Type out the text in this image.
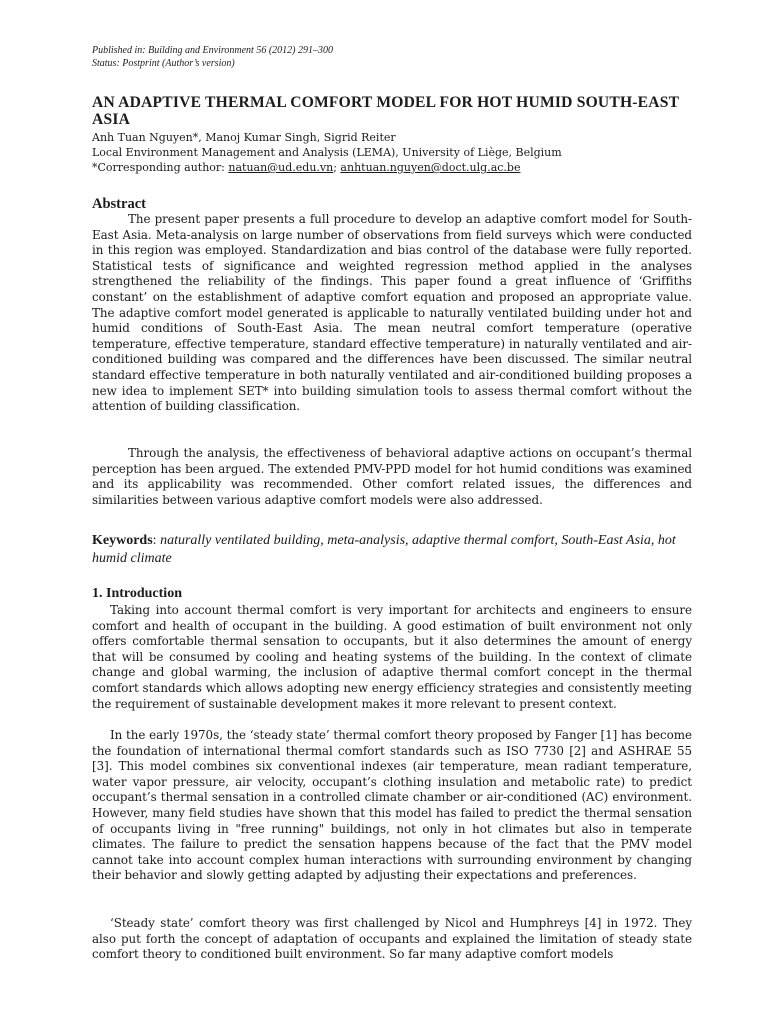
Published in: Building and Environment 56 (2012) 291–300
Status: Postprint (Author’s version)
AN ADAPTIVE THERMAL COMFORT MODEL FOR HOT HUMID SOUTH-EAST ASIA
Anh Tuan Nguyen*, Manoj Kumar Singh, Sigrid Reiter
Local Environment Management and Analysis (LEMA), University of Liège, Belgium
*Corresponding author: natuan@ud.edu.vn; anhtuan.nguyen@doct.ulg.ac.be
Abstract

The present paper presents a full procedure to develop an adaptive comfort model for South-East Asia. Meta-analysis on large number of observations from field surveys which were conducted in this region was employed. Standardization and bias control of the database were fully reported. Statistical tests of significance and weighted regression method applied in the analyses strengthened the reliability of the findings. This paper found a great influence of ‘Griffiths constant’ on the establishment of adaptive comfort equation and proposed an appropriate value. The adaptive comfort model generated is applicable to naturally ventilated building under hot and humid conditions of South-East Asia. The mean neutral comfort temperature (operative temperature, effective temperature, standard effective temperature) in naturally ventilated and air-conditioned building was compared and the differences have been discussed. The similar neutral standard effective temperature in both naturally ventilated and air-conditioned building proposes a new idea to implement SET* into building simulation tools to assess thermal comfort without the attention of building classification.

Through the analysis, the effectiveness of behavioral adaptive actions on occupant’s thermal perception has been argued. The extended PMV-PPD model for hot humid conditions was examined and its applicability was recommended. Other comfort related issues, the differences and similarities between various adaptive comfort models were also addressed.

Keywords: naturally ventilated building, meta-analysis, adaptive thermal comfort, South-East Asia, hot humid climate
1. Introduction

Taking into account thermal comfort is very important for architects and engineers to ensure comfort and health of occupant in the building. A good estimation of built environment not only offers comfortable thermal sensation to occupants, but it also determines the amount of energy that will be consumed by cooling and heating systems of the building. In the context of climate change and global warming, the inclusion of adaptive thermal comfort concept in the thermal comfort standards which allows adopting new energy efficiency strategies and consistently meeting the requirement of sustainable development makes it more relevant to present context.

In the early 1970s, the ‘steady state’ thermal comfort theory proposed by Fanger [1] has become the foundation of international thermal comfort standards such as ISO 7730 [2] and ASHRAE 55 [3]. This model combines six conventional indexes (air temperature, mean radiant temperature, water vapor pressure, air velocity, occupant’s clothing insulation and metabolic rate) to predict occupant’s thermal sensation in a controlled climate chamber or air-conditioned (AC) environment. However, many field studies have shown that this model has failed to predict the thermal sensation of occupants living in "free running" buildings, not only in hot climates but also in temperate climates. The failure to predict the sensation happens because of the fact that the PMV model cannot take into account complex human interactions with surrounding environment by changing their behavior and slowly getting adapted by adjusting their expectations and preferences.

‘Steady state’ comfort theory was first challenged by Nicol and Humphreys [4] in 1972. They also put forth the concept of adaptation of occupants and explained the limitation of steady state comfort theory to conditioned built environment. So far many adaptive comfort models
